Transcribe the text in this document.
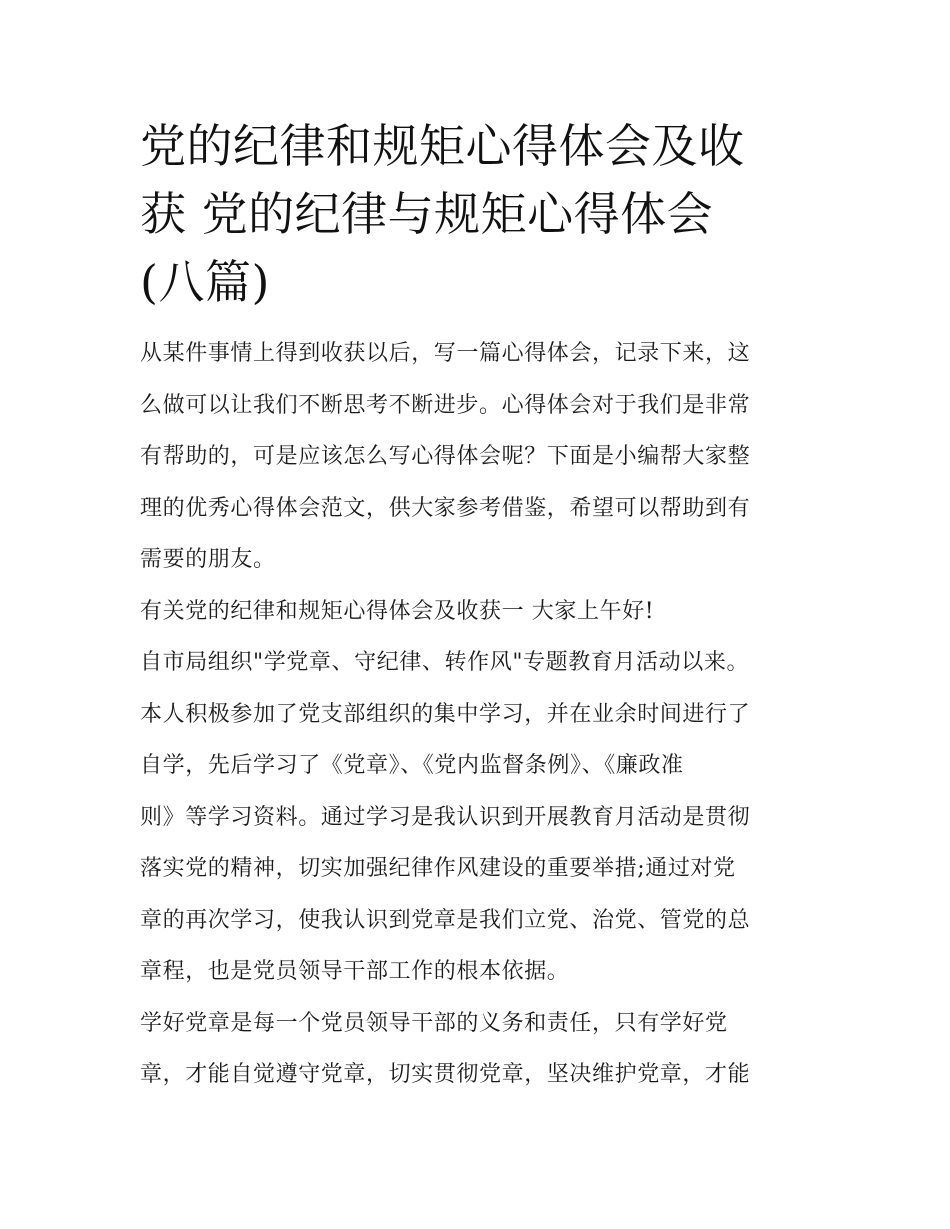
党的纪律和规矩心得体会及收
获 党的纪律与规矩心得体会
(八篇)

从某件事情上得到收获以后，写一篇心得体会，记录下来，这
么做可以让我们不断思考不断进步。心得体会对于我们是非常
有帮助的，可是应该怎么写心得体会呢？下面是小编帮大家整
理的优秀心得体会范文，供大家参考借鉴，希望可以帮助到有
需要的朋友。

有关党的纪律和规矩心得体会及收获一 大家上午好!

自市局组织"学党章、守纪律、转作风"专题教育月活动以来。
本人积极参加了党支部组织的集中学习，并在业余时间进行了
自学，先后学习了《党章》、《党内监督条例》、《廉政准
则》等学习资料。通过学习是我认识到开展教育月活动是贯彻
落实党的精神，切实加强纪律作风建设的重要举措;通过对党
章的再次学习，使我认识到党章是我们立党、治党、管党的总
章程，也是党员领导干部工作的根本依据。

学好党章是每一个党员领导干部的义务和责任，只有学好党
章，才能自觉遵守党章，切实贯彻党章，坚决维护党章，才能
